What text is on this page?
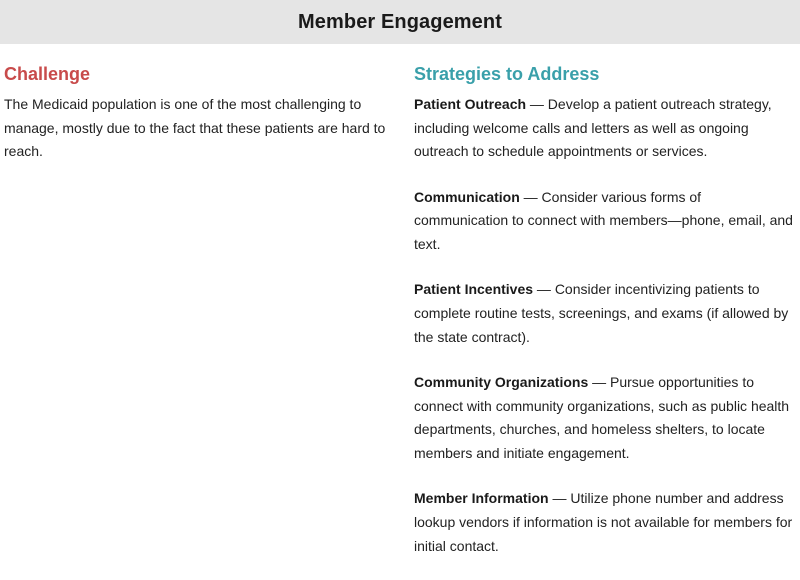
Member Engagement
Challenge

The Medicaid population is one of the most challenging to manage, mostly due to the fact that these patients are hard to reach.

Strategies to Address

Patient Outreach — Develop a patient outreach strategy, including welcome calls and letters as well as ongoing outreach to schedule appointments or services.

Communication — Consider various forms of communication to connect with members—phone, email, and text.

Patient Incentives — Consider incentivizing patients to complete routine tests, screenings, and exams (if allowed by the state contract).

Community Organizations — Pursue opportunities to connect with community organizations, such as public health departments, churches, and homeless shelters, to locate members and initiate engagement.

Member Information — Utilize phone number and address lookup vendors if information is not available for members for initial contact.
